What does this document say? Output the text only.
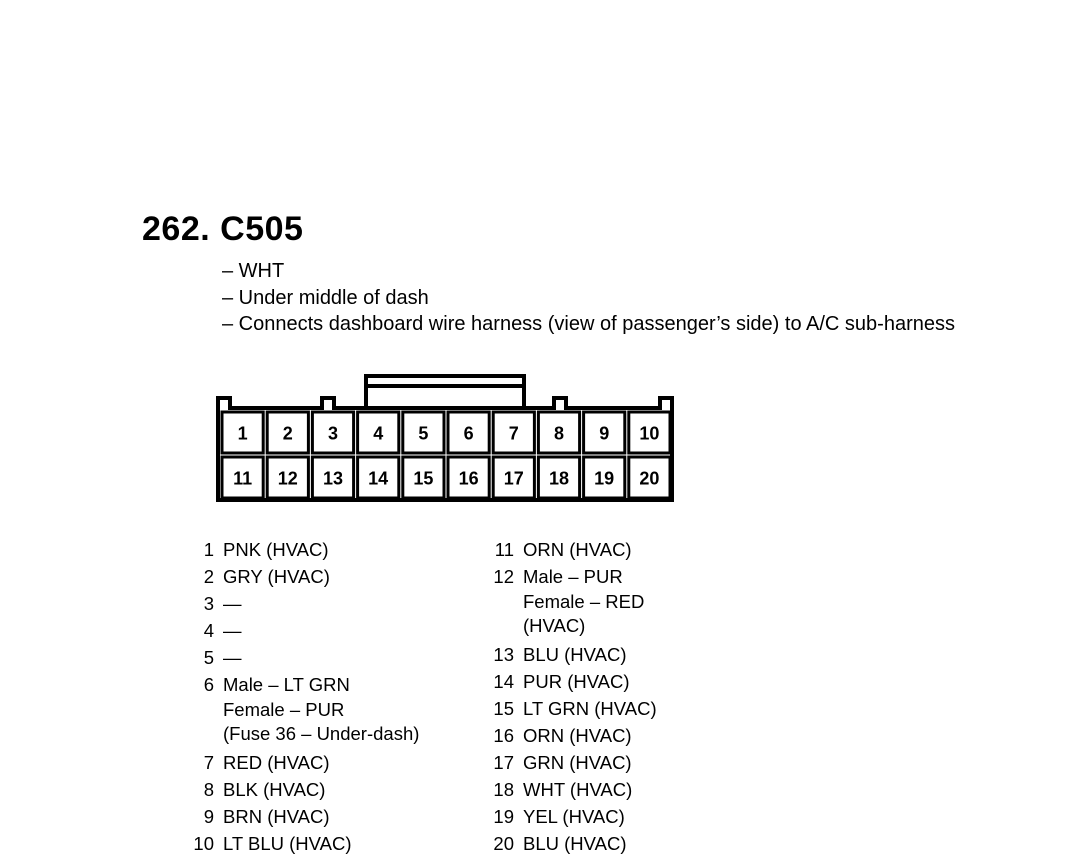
262. C505
– WHT
– Under middle of dash
– Connects dashboard wire harness (view of passenger’s side) to A/C sub-harness
1 2 3 4 5 6 7 8 9 10
11 12 13 14 15 16 17 18 19 20
1 PNK (HVAC)
2 GRY (HVAC)
3 —
4 —
5 —
6 Male – LT GRN
Female – PUR
(Fuse 36 – Under-dash)
7 RED (HVAC)
8 BLK (HVAC)
9 BRN (HVAC)
10 LT BLU (HVAC)
11 ORN (HVAC)
12 Male – PUR
Female – RED
(HVAC)
13 BLU (HVAC)
14 PUR (HVAC)
15 LT GRN (HVAC)
16 ORN (HVAC)
17 GRN (HVAC)
18 WHT (HVAC)
19 YEL (HVAC)
20 BLU (HVAC)
